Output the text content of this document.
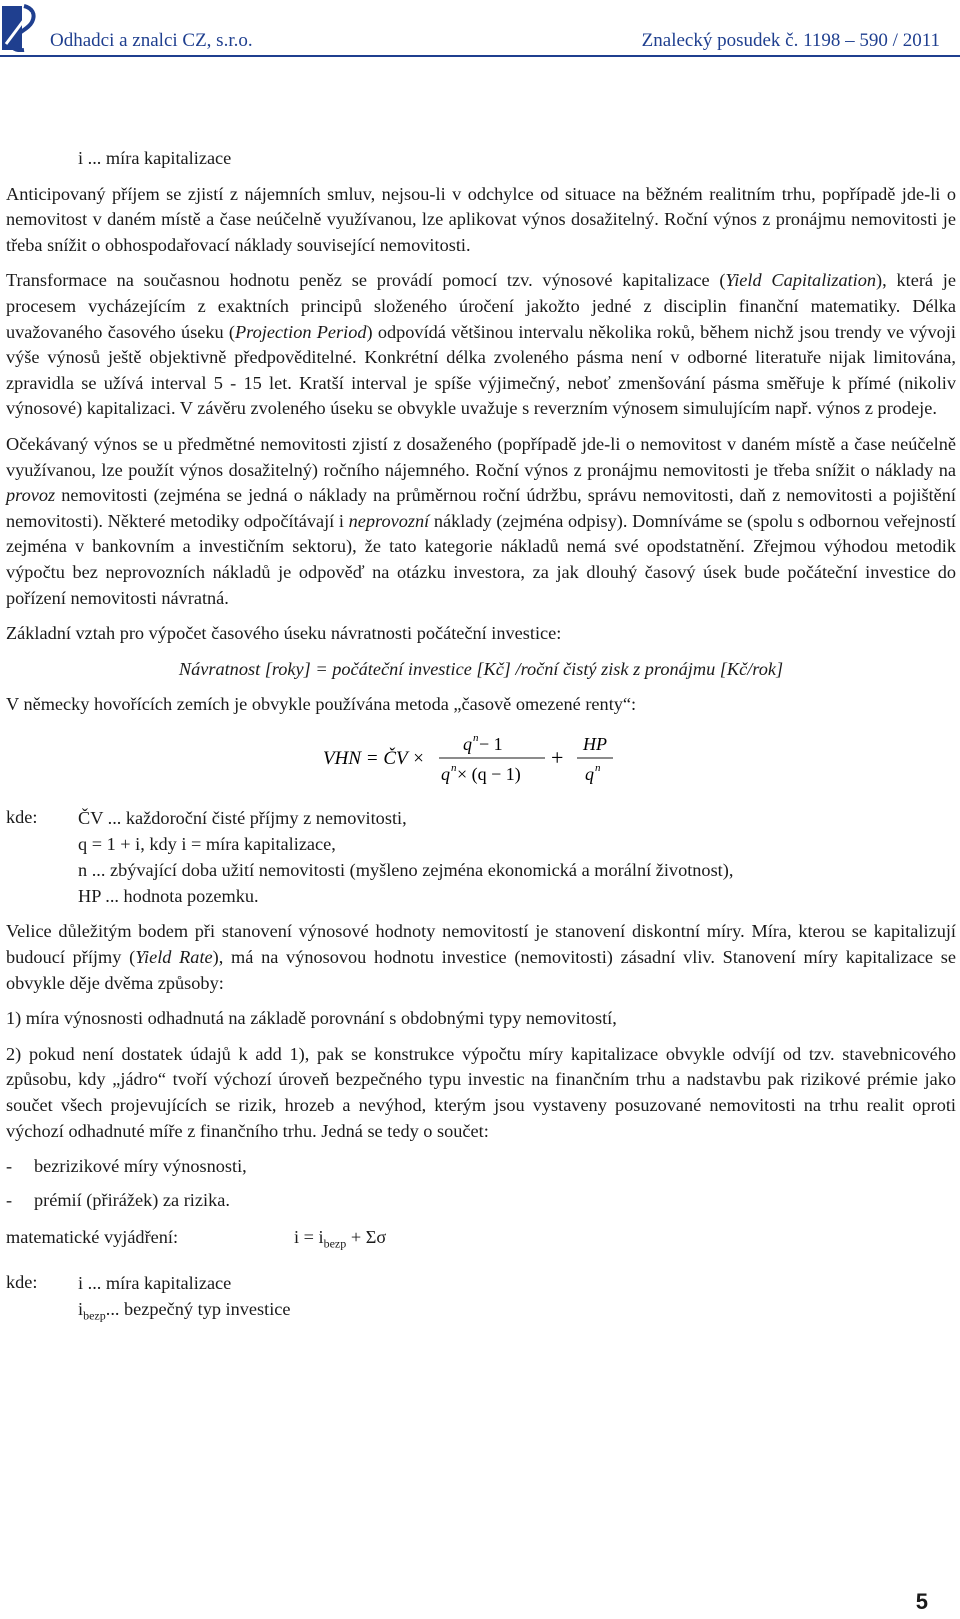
Odhadci a znalci CZ, s.r.o.	Znalecký posudek č. 1198 – 590 / 2011
i ... míra kapitalizace

Anticipovaný příjem se zjistí z nájemních smluv, nejsou-li v odchylce od situace na běžném realitním trhu, popřípadě jde-li o nemovitost v daném místě a čase neúčelně využívanou, lze aplikovat výnos dosažitelný. Roční výnos z pronájmu nemovitosti je třeba snížit o obhospodařovací náklady související nemovitosti.

Transformace na současnou hodnotu peněz se provádí pomocí tzv. výnosové kapitalizace (Yield Capitalization), která je procesem vycházejícím z exaktních principů složeného úročení jakožto jedné z disciplin finanční matematiky. Délka uvažovaného časového úseku (Projection Period) odpovídá většinou intervalu několika roků, během nichž jsou trendy ve vývoji výše výnosů ještě objektivně předpověditelné. Konkrétní délka zvoleného pásma není v odborné literatuře nijak limitována, zpravidla se užívá interval 5 - 15 let. Kratší interval je spíše výjimečný, neboť zmenšování pásma směřuje k přímé (nikoliv výnosové) kapitalizaci. V závěru zvoleného úseku se obvykle uvažuje s reverzním výnosem simulujícím např. výnos z prodeje.

Očekávaný výnos se u předmětné nemovitosti zjistí z dosaženého (popřípadě jde-li o nemovitost v daném místě a čase neúčelně využívanou, lze použít výnos dosažitelný) ročního nájemného. Roční výnos z pronájmu nemovitosti je třeba snížit o náklady na provoz nemovitosti (zejména se jedná o náklady na průměrnou roční údržbu, správu nemovitosti, daň z nemovitosti a pojištění nemovitosti). Některé metodiky odpočítávají i neprovozní náklady (zejména odpisy). Domníváme se (spolu s odbornou veřejností zejména v bankovním a investičním sektoru), že tato kategorie nákladů nemá své opodstatnění. Zřejmou výhodou metodik výpočtu bez neprovozních nákladů je odpověď na otázku investora, za jak dlouhý časový úsek bude počáteční investice do pořízení nemovitosti návratná.

Základní vztah pro výpočet časového úseku návratnosti počáteční investice:

Návratnost [roky] = počáteční investice [Kč] /roční čistý zisk z pronájmu [Kč/rok]

V německy hovořících zemích je obvykle používána metoda „časově omezené renty“:

VHN = ČV ×
q n − 1
q n × (q − 1)
+
HP
q n
kde:	ČV ... každoroční čisté příjmy z nemovitosti,
q = 1 + i, kdy i = míra kapitalizace,
n ... zbývající doba užití nemovitosti (myšleno zejména ekonomická a morální životnost),
HP ... hodnota pozemku.

Velice důležitým bodem při stanovení výnosové hodnoty nemovitostí je stanovení diskontní míry. Míra, kterou se kapitalizují budoucí příjmy (Yield Rate), má na výnosovou hodnotu investice (nemovitosti) zásadní vliv. Stanovení míry kapitalizace se obvykle děje dvěma způsoby:

1) míra výnosnosti odhadnutá na základě porovnání s obdobnými typy nemovitostí,

2) pokud není dostatek údajů k add 1), pak se konstrukce výpočtu míry kapitalizace obvykle odvíjí od tzv. stavebnicového způsobu, kdy „jádro“ tvoří výchozí úroveň bezpečného typu investic na finančním trhu a nadstavbu pak rizikové prémie jako součet všech projevujících se rizik, hrozeb a nevýhod, kterým jsou vystaveny posuzované nemovitosti na trhu realit oproti výchozí odhadnuté míře z finančního trhu. Jedná se tedy o součet:

-	bezrizikové míry výnosnosti,
-	prémií (přirážek) za rizika.
matematické vyjádření:	$i = i_{bezp} + \Sigma\sigma$
kde:	i ... míra kapitalizace
$i_{bezp}$... bezpečný typ investice
5
